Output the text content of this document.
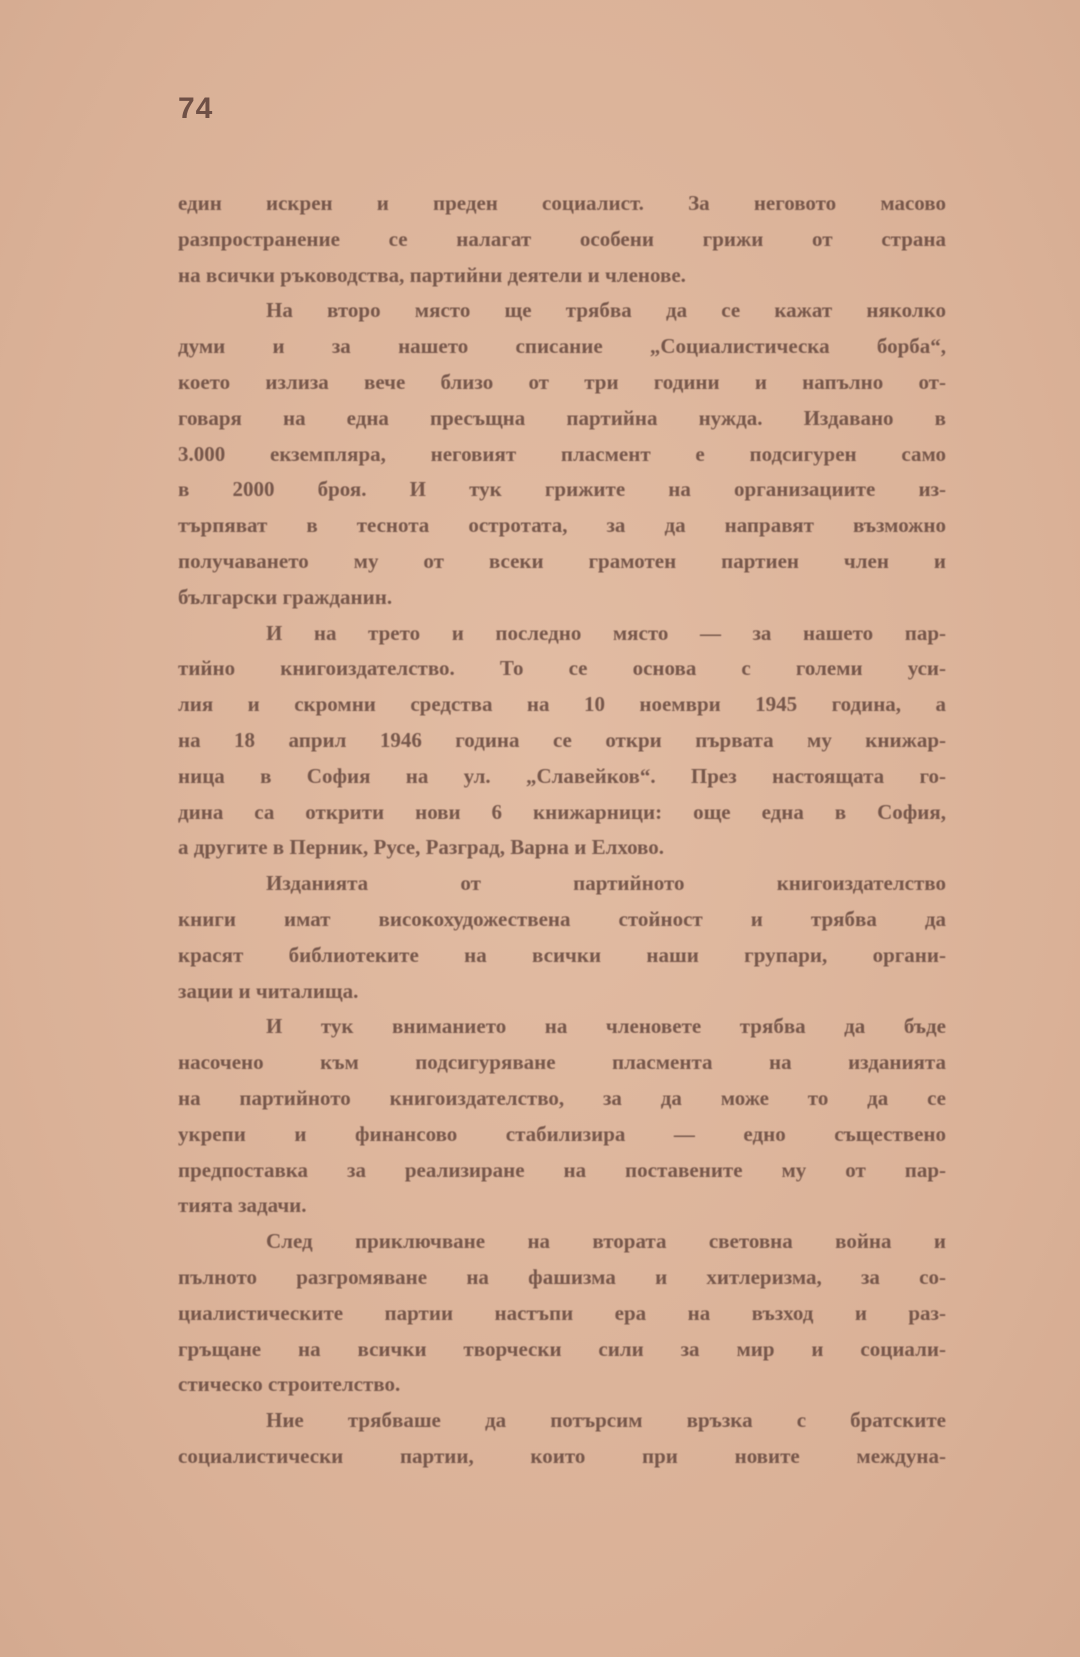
74
един искрен и преден социалист. За неговото масово
разпространение се налагат особени грижи от страна
на всички ръководства, партийни деятели и членове.
На второ място ще трябва да се кажат няколко
думи и за нашето списание „Социалистическа борба“,
което излиза вече близо от три години и напълно от-
говаря на една пресъщна партийна нужда. Издавано в
3.000 екземпляра, неговият пласмент е подсигурен само
в 2000 броя. И тук грижите на организациите из-
търпяват в теснота остротата, за да направят възможно
получаването му от всеки грамотен партиен член и
български гражданин.
И на трето и последно място — за нашето пар-
тийно книгоиздателство. То се основа с големи уси-
лия и скромни средства на 10 ноември 1945 година, а
на 18 април 1946 година се откри първата му книжар-
ница в София на ул. „Славейков“. През настоящата го-
дина са открити нови 6 книжарници: още една в София,
а другите в Перник, Русе, Разград, Варна и Елхово.
Изданията от партийното книгоиздателство
книги имат високохудожествена стойност и трябва да
красят библиотеките на всички наши групари, органи-
зации и читалища.
И тук вниманието на членовете трябва да бъде
насочено към подсигуряване пласмента на изданията
на партийното книгоиздателство, за да може то да се
укрепи и финансово стабилизира — едно съществено
предпоставка за реализиране на поставените му от пар-
тията задачи.
След приключване на втората световна война и
пълното разгромяване на фашизма и хитлеризма, за со-
циалистическите партии настъпи ера на възход и раз-
гръщане на всички творчески сили за мир и социали-
стическо строителство.
Ние трябваше да потърсим връзка с братските
социалистически партии, които при новите междуна-
